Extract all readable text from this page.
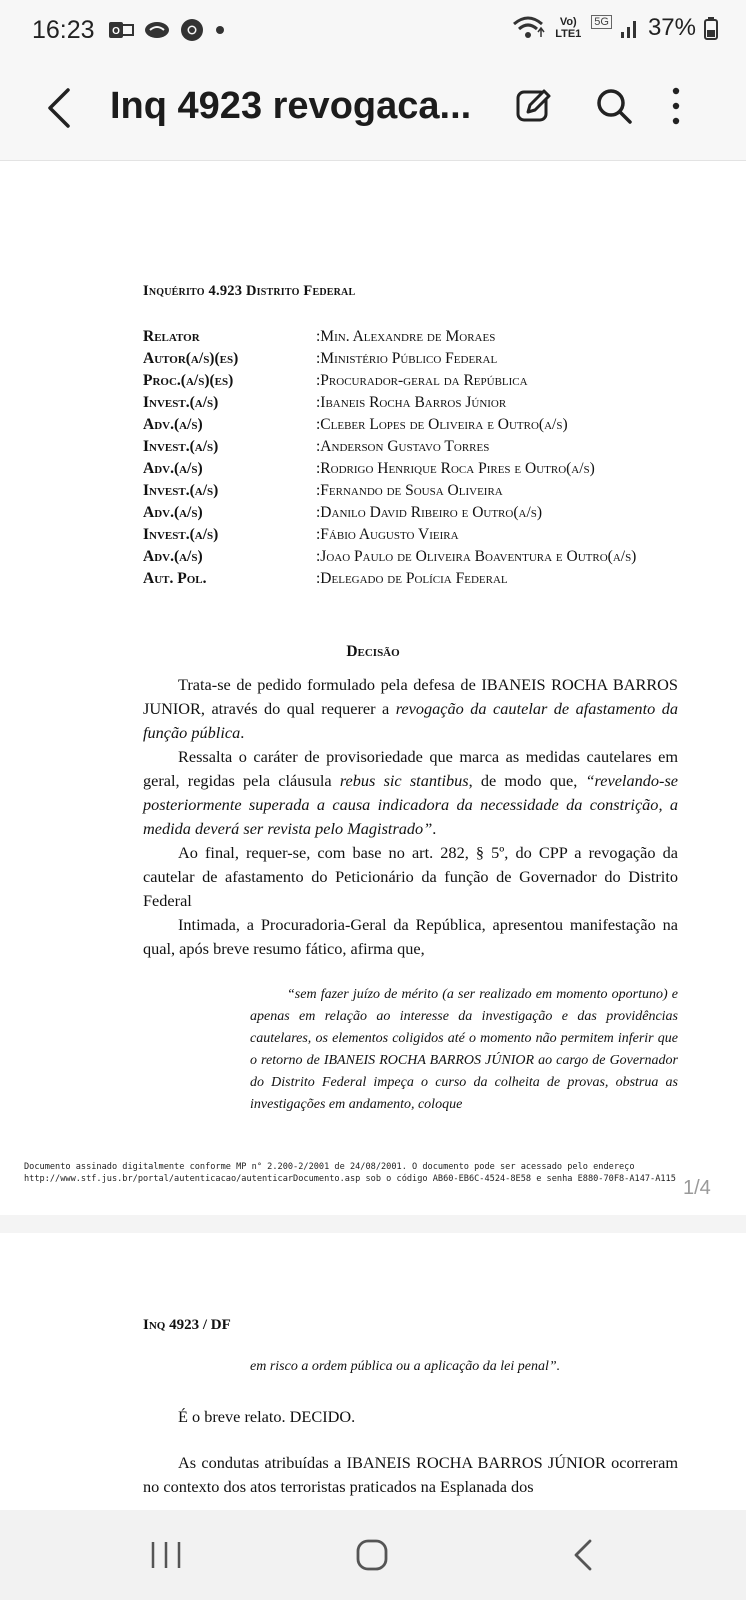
16:23 O
Vo) LTE1
5G 37%
Inq 4923 revogaca...
Inquérito 4.923 Distrito Federal
Relator	:Min. Alexandre de Moraes
Autor(a/s)(es)	:Ministério Público Federal
Proc.(a/s)(es)	:Procurador-geral da República
Invest.(a/s)	:Ibaneis Rocha Barros Júnior
Adv.(a/s)	:Cleber Lopes de Oliveira e Outro(a/s)
Invest.(a/s)	:Anderson Gustavo Torres
Adv.(a/s)	:Rodrigo Henrique Roca Pires e Outro(a/s)
Invest.(a/s)	:Fernando de Sousa Oliveira
Adv.(a/s)	:Danilo David Ribeiro e Outro(a/s)
Invest.(a/s)	:Fábio Augusto Vieira
Adv.(a/s)	:Joao Paulo de Oliveira Boaventura e Outro(a/s)
Aut. Pol.	:Delegado de Polícia Federal
Decisão

Trata-se de pedido formulado pela defesa de IBANEIS ROCHA BARROS JUNIOR, através do qual requerer a revogação da cautelar de afastamento da função pública.

Ressalta o caráter de provisoriedade que marca as medidas cautelares em geral, regidas pela cláusula rebus sic stantibus, de modo que, “revelando-se posteriormente superada a causa indicadora da necessidade da constrição, a medida deverá ser revista pelo Magistrado”.

Ao final, requer-se, com base no art. 282, § 5º, do CPP a revogação da cautelar de afastamento do Peticionário da função de Governador do Distrito Federal

Intimada, a Procuradoria-Geral da República, apresentou manifestação na qual, após breve resumo fático, afirma que,

“sem fazer juízo de mérito (a ser realizado em momento oportuno) e apenas em relação ao interesse da investigação e das providências cautelares, os elementos coligidos até o momento não permitem inferir que o retorno de IBANEIS ROCHA BARROS JÚNIOR ao cargo de Governador do Distrito Federal impeça o curso da colheita de provas, obstrua as investigações em andamento, coloque

Documento assinado digitalmente conforme MP n° 2.200-2/2001 de 24/08/2001. O documento pode ser acessado pelo endereço
http://www.stf.jus.br/portal/autenticacao/autenticarDocumento.asp sob o código AB60-EB6C-4524-8E58 e senha E880-70F8-A147-A115 1/4
Inq 4923 / DF
em risco a ordem pública ou a aplicação da lei penal”.

É o breve relato. DECIDO.

As condutas atribuídas a IBANEIS ROCHA BARROS JÚNIOR ocorreram no contexto dos atos terroristas praticados na Esplanada dos
